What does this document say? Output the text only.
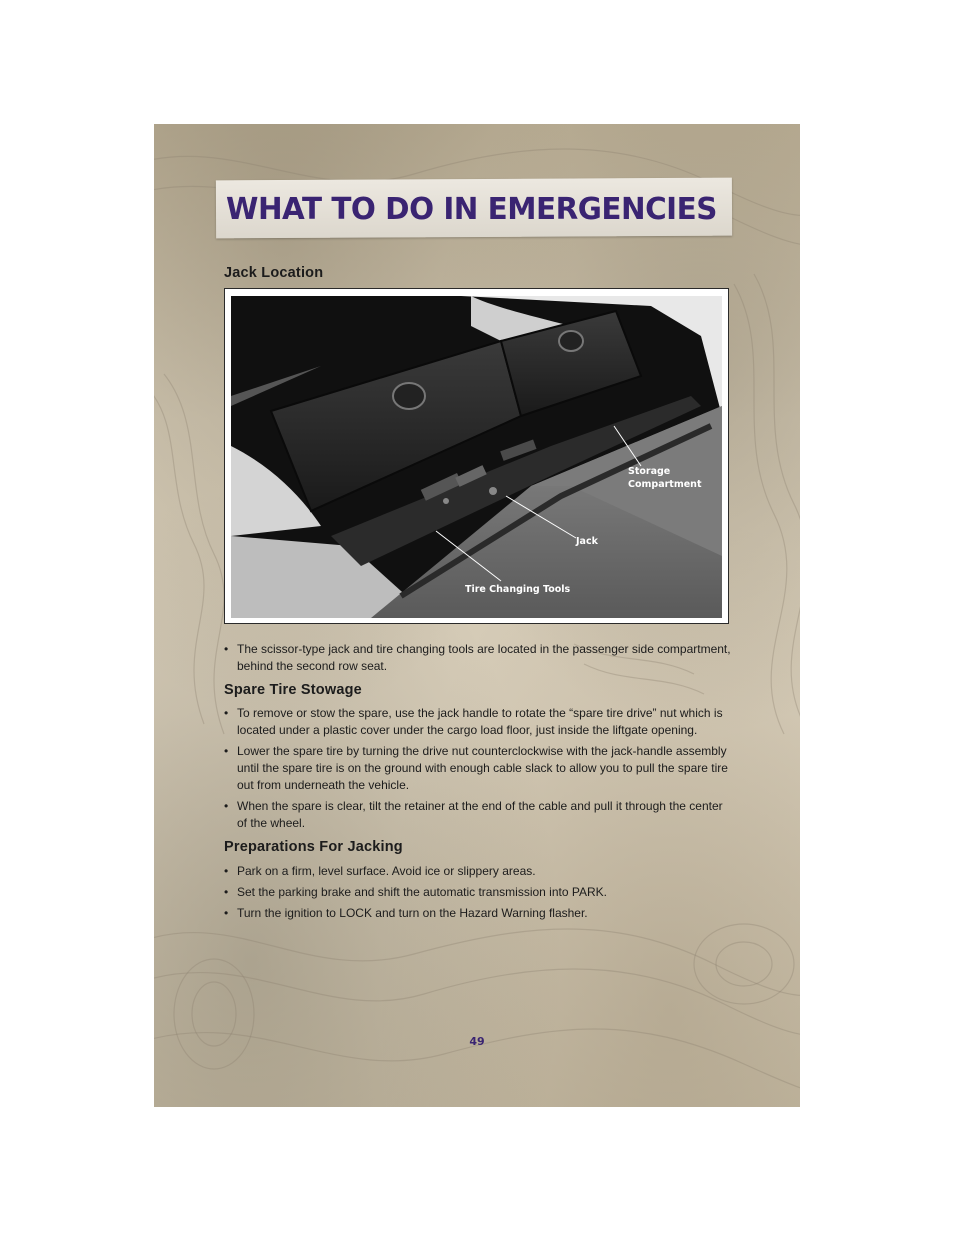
WHAT TO DO IN EMERGENCIES
Jack Location
Storage
Compartment
Jack
Tire Changing Tools
• The scissor-type jack and tire changing tools are located in the passenger side compartment, behind the second row seat.
Spare Tire Stowage
• To remove or stow the spare, use the jack handle to rotate the “spare tire drive” nut which is located under a plastic cover under the cargo load floor, just inside the liftgate opening.
• Lower the spare tire by turning the drive nut counterclockwise with the jack-handle assembly until the spare tire is on the ground with enough cable slack to allow you to pull the spare tire out from underneath the vehicle.
• When the spare is clear, tilt the retainer at the end of the cable and pull it through the center of the wheel.
Preparations For Jacking
• Park on a firm, level surface. Avoid ice or slippery areas.
• Set the parking brake and shift the automatic transmission into PARK.
• Turn the ignition to LOCK and turn on the Hazard Warning flasher.
49
